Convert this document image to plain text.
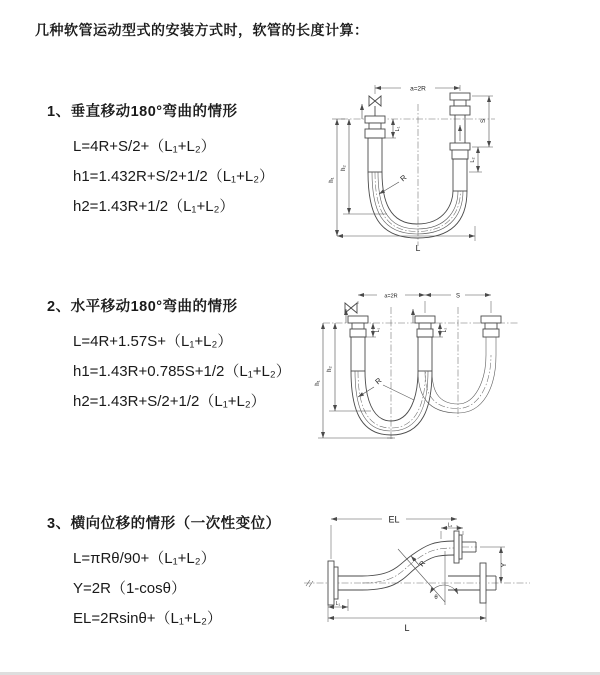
几种软管运动型式的安装方式时，软管的长度计算：
1、垂直移动180°弯曲的情形

L=4R+S/2+（L₁+L₂）

h1=1.432R+S/2+1/2（L₁+L₂）

h2=1.43R+1/2（L₁+L₂）

2、水平移动180°弯曲的情形

L=4R+1.57S+（L₁+L₂）

h1=1.43R+0.785S+1/2（L₁+L₂）

h2=1.43R+S/2+1/2（L₁+L₂）

3、横向位移的情形（一次性变位）

L=πRθ/90+（L₁+L₂）

Y=2R（1-cosθ）

EL=2Rsinθ+（L₁+L₂）

a=2R
L₁
S
L₂
R
h₂
h₁
L
a=2R	S
L₁	L₂
R
h₂
h₁
EL
L₂
Y
θ
R
L₁
L
